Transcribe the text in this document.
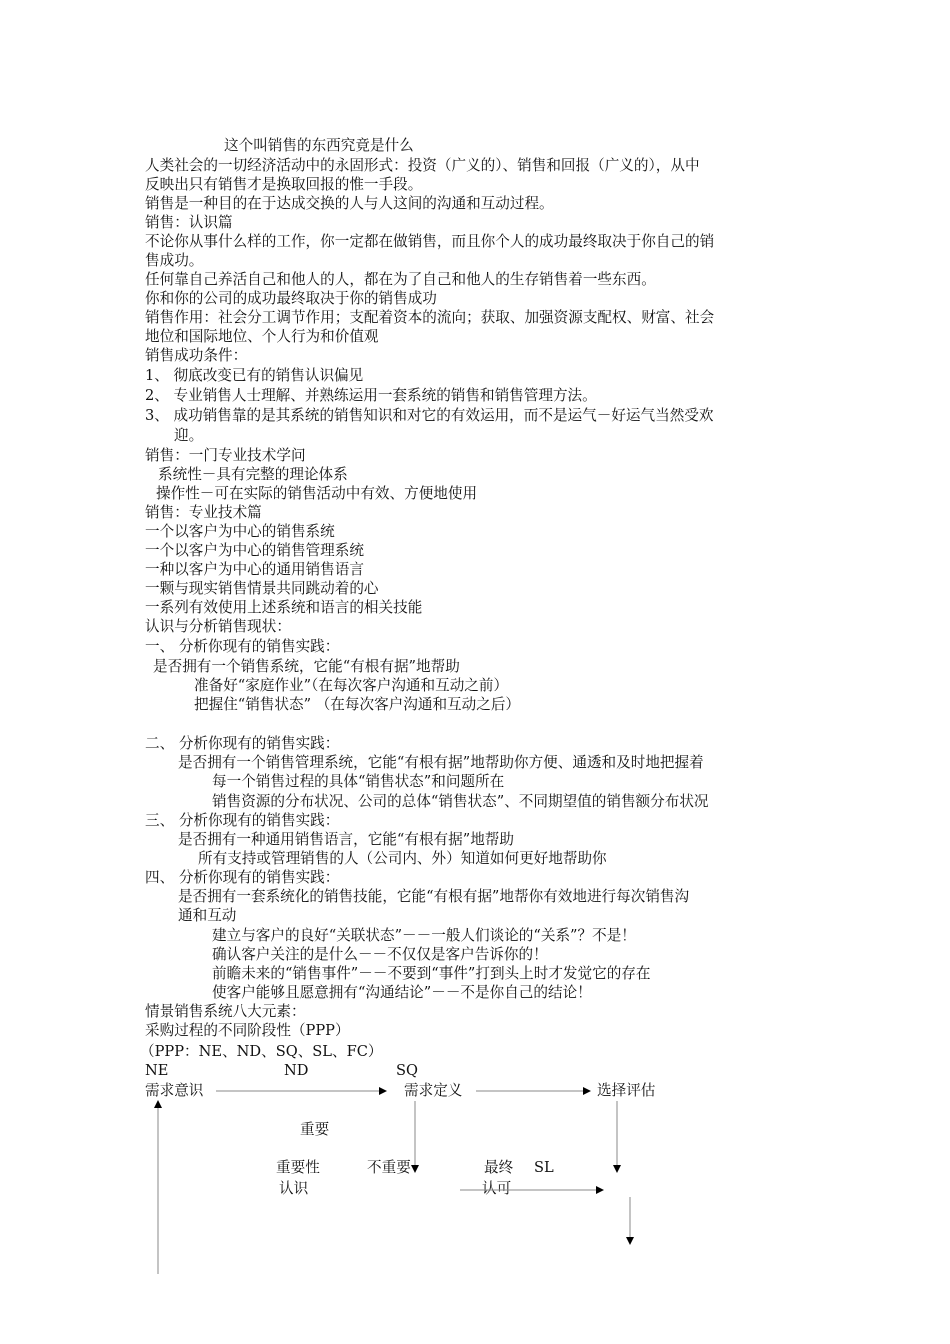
这个叫销售的东西究竟是什么
人类社会的一切经济活动中的永固形式：投资（广义的）、销售和回报（广义的），从中
反映出只有销售才是换取回报的惟一手段。
销售是一种目的在于达成交换的人与人这间的沟通和互动过程。
销售：认识篇
不论你从事什么样的工作，你一定都在做销售，而且你个人的成功最终取决于你自己的销
售成功。
任何靠自己养活自己和他人的人，都在为了自己和他人的生存销售着一些东西。
你和你的公司的成功最终取决于你的销售成功
销售作用：社会分工调节作用；支配着资本的流向；获取、加强资源支配权、财富、社会
地位和国际地位、个人行为和价值观
销售成功条件：
1、 彻底改变已有的销售认识偏见
2、 专业销售人士理解、并熟练运用一套系统的销售和销售管理方法。
3、 成功销售靠的是其系统的销售知识和对它的有效运用，而不是运气－好运气当然受欢
迎。
销售：一门专业技术学问
系统性－具有完整的理论体系
操作性－可在实际的销售活动中有效、方便地使用
销售：专业技术篇
一个以客户为中心的销售系统
一个以客户为中心的销售管理系统
一种以客户为中心的通用销售语言
一颗与现实销售情景共同跳动着的心
一系列有效使用上述系统和语言的相关技能
认识与分析销售现状：
一、 分析你现有的销售实践：
是否拥有一个销售系统，它能“有根有据”地帮助
准备好“家庭作业”（在每次客户沟通和互动之前）
把握住“销售状态” （在每次客户沟通和互动之后）
二、 分析你现有的销售实践：
是否拥有一个销售管理系统，它能“有根有据”地帮助你方便、通透和及时地把握着
每一个销售过程的具体“销售状态”和问题所在
销售资源的分布状况、公司的总体“销售状态”、不同期望值的销售额分布状况
三、 分析你现有的销售实践：
是否拥有一种通用销售语言，它能“有根有据”地帮助
所有支持或管理销售的人（公司内、外）知道如何更好地帮助你
四、 分析你现有的销售实践：
是否拥有一套系统化的销售技能，它能“有根有据”地帮你有效地进行每次销售沟
通和互动
建立与客户的良好“关联状态”－－一般人们谈论的“关系”？不是！
确认客户关注的是什么－－不仅仅是客户告诉你的！
前瞻未来的“销售事件”－－不要到“事件”打到头上时才发觉它的存在
使客户能够且愿意拥有“沟通结论”－－不是你自己的结论！
情景销售系统八大元素：
采购过程的不同阶段性（PPP）
（PPP：NE、ND、SQ、SL、FC）
NE	ND	SQ
需求意识	需求定义	选择评估
重要
重要性
认识
不重要	最终 SL
认可
